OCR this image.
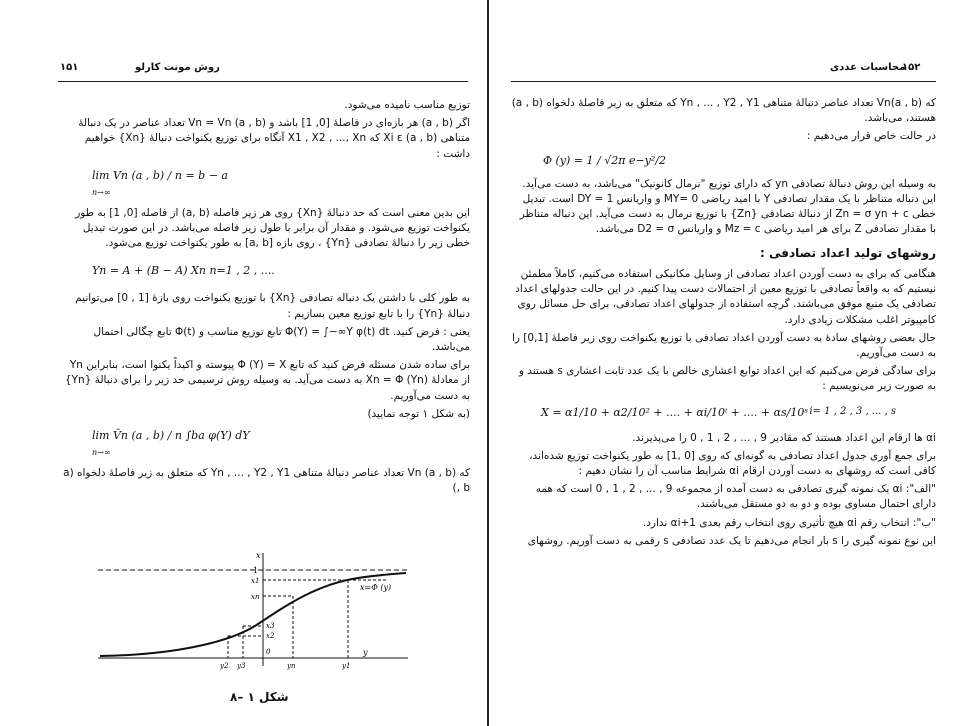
۱۵۱	روش مونت کارلو

توزیع مناسب نامیده می‌شود.

اگر (a , b) هر بازه‌ای در فاصلهٔ [0, 1] باشد و Vn = Vn (a , b) تعداد عناصر در یک دنبالهٔ متناهی Xi ε (a , b) که X1 , X2 , ..., Xn آنگاه برای توزیع یکنواخت دنبالهٔ {Xn} خواهیم داشت :

lim Vn (a , b) / n = b − a
n→∞

این بدین معنی است که حد دنبالهٔ {Xn} روی هر زیر فاصله (a, b) از فاصله [0, 1] به طور یکنواخت توزیع می‌شود. و مقدار آن برابر با طول زیر فاصله می‌باشد. در این صورت تبدیل خطی زیر را دنبالهٔ تصادفی {Yn} ، روی بازه [a, b] به طور یکنواخت توزیع می‌شود.

Yn = A + (B − A) Xn n=1 , 2 , ....

به طور کلی با داشتن یک دنباله تصادفی {Xn} با توزیع یکنواخت روی بازهٔ [1 , 0] می‌توانیم دنبالهٔ {Yn} را با تابع توزیع معین بسازیم :

یعنی : فرض کنید. Φ(Y) = ∫−∞Y φ(t) dt تابع توزیع مناسب و Φ(t) تابع چگالی احتمال می‌باشد.

برای ساده شدن مسئله فرض کنید که تابع Φ (Y) = X پیوسته و اکیداً یکنوا است، بنابراین Yn از معادلهٔ Xn = Φ (Yn) به دست می‌آید. به وسیله روش ترسیمی حد زیر را برای دنبالهٔ {Yn} به دست می‌آوریم.

(به شکل ۱ توجه نمایید)

lim V̄n (a , b) / n ∫ba φ(Y) dY
n→∞

که (a , b) Vn تعداد عناصر دنبالهٔ متناهی Yn , ... , Y2 , Y1 که متعلق به زیر فاصلهٔ دلخواه (a , b)

x
1
x1
xn
x3
x2
0
x=Φ (y)
y
y2 y3	yn	y1
شکل ۱ –۸
محاسبات عددی
۱۵۲

که Vn(a , b) تعداد عناصر دنبالهٔ متناهی Yn , ... , Y2 , Y1 که متعلق به زیر فاصلهٔ دلخواه (a , b) هستند، می‌باشد.

در حالت خاص قرار می‌دهیم :

Φ (y) = 1 / √2π e−y²/2

به وسیله این روش دنبالهٔ تصادفی yn که دارای توزیع "نرمال کانونیک" می‌باشد، به دست می‌آید. این دنباله متناظر با یک مقدار تصادفی Y با امید ریاضی MY= 0 و واریانس DY = 1 است. تبدیل خطی Zn = σ yn + c از دنبالهٔ تصادفی {Zn} با توزیع نرمال به دست می‌آید. این دنباله متناظر با مقدار تصادفی Z برای هر امید ریاضی Mz = c و واریانس D2 = σ می‌باشد.

روشهای تولید اعداد تصادفی :

هنگامی که برای به دست آوردن اعداد تصادفی از وسایل مکانیکی استفاده می‌کنیم، کاملاً مطمئن نیستیم که به واقعاً تصادفی با توزیع معین از احتمالات دست پیدا کنیم. در این حالت جدولهای اعداد تصادفی یک منبع موفق می‌باشند. گرچه استفاده از جدولهای اعداد تصادفی، برای حل مسائل روی کامپیوتر اغلب مشکلات زیادی دارد.

حال بعضی روشهای سادهٔ به دست آوردن اعداد تصادفی با توزیع یکنواخت روی زیر فاصلهٔ [0,1] را به دست می‌آوریم.

برای سادگی فرض می‌کنیم که این اعداد توابع اعشاری خالص با یک عدد ثابت اعشاری s هستند و به صورت زیر می‌نویسیم :

X = α1/10 + α2/10² + .... + αi/10ⁱ + .... + αs/10ˢ i= 1 , 2 , 3 , ... , s

αi ها ارقام این اعداد هستند که مقادیر 9 , ... , 2 , 1 , 0 را می‌پذیرند.

برای جمع آوری جدول اعداد تصادفی به گونه‌ای که روی [0 ,1] به طور یکنواخت توزیع شده‌اند، کافی است که روشهای به دست آوردن ارقام αi شرایط مناسب آن را نشان دهیم :

"الف": αi یک نمونه گیری تصادفی به دست آمده از مجموعه 9 , ... , 2 , 1 , 0 است که همه دارای احتمال مساوی بوده و دو به دو مستقل می‌باشند.

"ب": انتخاب رقم αi هیچ تأثیری روی انتخاب رقم بعدی αi+1 ندارد.

این نوع نمونه گیری را s بار انجام می‌دهیم تا یک عدد تصادفی s رقمی به دست آوریم. روشهای
